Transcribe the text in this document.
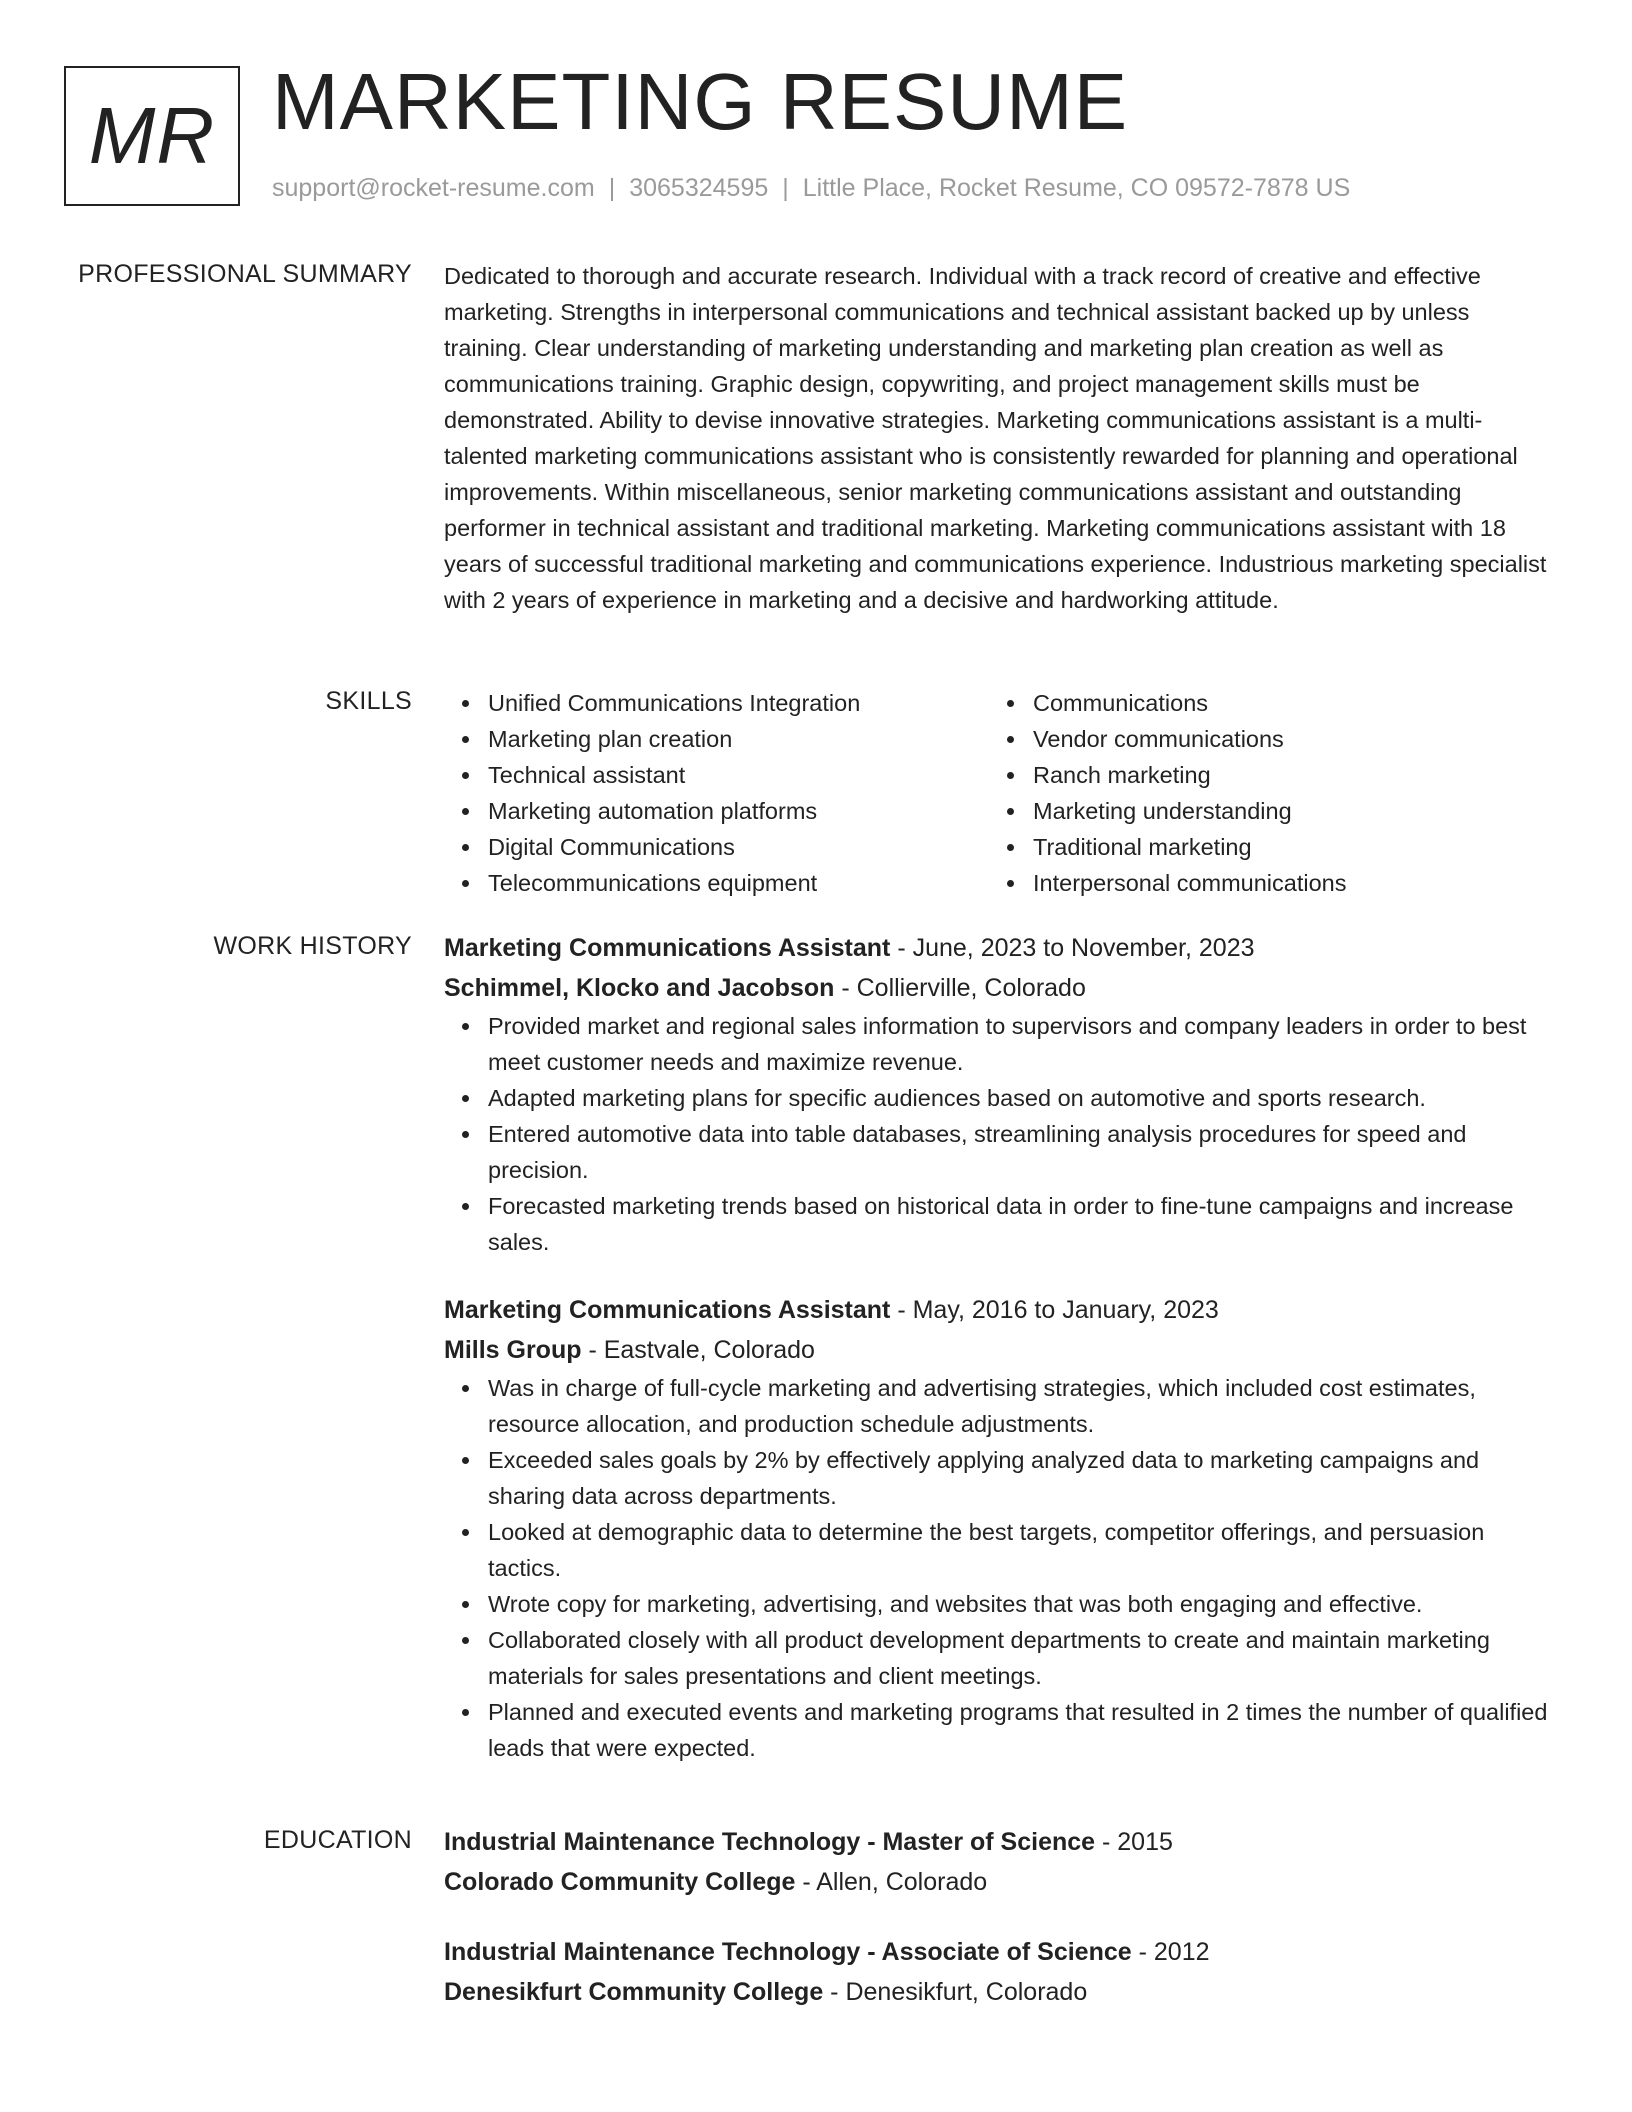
MR MARKETING RESUME
support@rocket-resume.com | 3065324595 | Little Place, Rocket Resume, CO 09572-7878 US
PROFESSIONAL SUMMARY Dedicated to thorough and accurate research. Individual with a track record of creative and effective marketing. Strengths in interpersonal communications and technical assistant backed up by unless training. Clear understanding of marketing understanding and marketing plan creation as well as communications training. Graphic design, copywriting, and project management skills must be demonstrated. Ability to devise innovative strategies. Marketing communications assistant is a multi-talented marketing communications assistant who is consistently rewarded for planning and operational improvements. Within miscellaneous, senior marketing communications assistant and outstanding performer in technical assistant and traditional marketing. Marketing communications assistant with 18 years of successful traditional marketing and communications experience. Industrious marketing specialist with 2 years of experience in marketing and a decisive and hardworking attitude.

SKILLS	Unified Communications Integration
Marketing plan creation
Technical assistant
Marketing automation platforms
Digital Communications
Telecommunications equipment
Communications
Vendor communications
Ranch marketing
Marketing understanding
Traditional marketing
Interpersonal communications
WORK HISTORY Marketing Communications Assistant - June, 2023 to November, 2023
Schimmel, Klocko and Jacobson - Collierville, Colorado
Provided market and regional sales information to supervisors and company leaders in order to best meet customer needs and maximize revenue.
Adapted marketing plans for specific audiences based on automotive and sports research.
Entered automotive data into table databases, streamlining analysis procedures for speed and precision.
Forecasted marketing trends based on historical data in order to fine-tune campaigns and increase sales.
Marketing Communications Assistant - May, 2016 to January, 2023
Mills Group - Eastvale, Colorado
Was in charge of full-cycle marketing and advertising strategies, which included cost estimates, resource allocation, and production schedule adjustments.
Exceeded sales goals by 2% by effectively applying analyzed data to marketing campaigns and sharing data across departments.
Looked at demographic data to determine the best targets, competitor offerings, and persuasion tactics.
Wrote copy for marketing, advertising, and websites that was both engaging and effective.
Collaborated closely with all product development departments to create and maintain marketing materials for sales presentations and client meetings.
Planned and executed events and marketing programs that resulted in 2 times the number of qualified leads that were expected.
EDUCATION Industrial Maintenance Technology - Master of Science - 2015
Colorado Community College - Allen, Colorado
Industrial Maintenance Technology - Associate of Science - 2012
Denesikfurt Community College - Denesikfurt, Colorado
